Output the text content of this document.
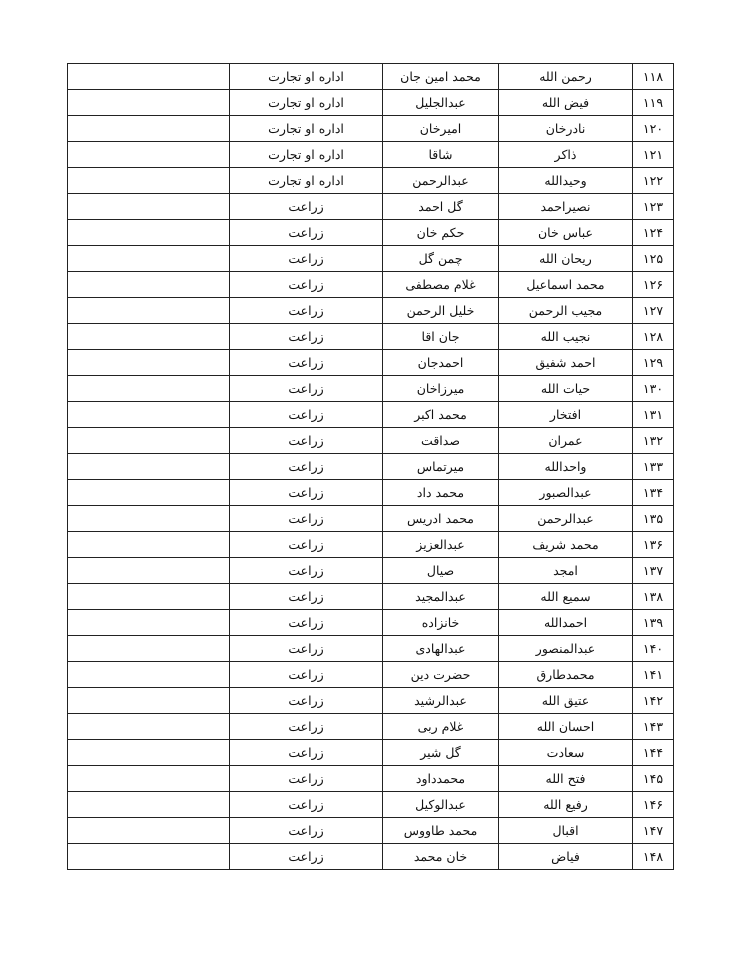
	اداره او تجارت	محمد امین جان	رحمن الله	۱۱۸
	اداره او تجارت	عبدالجلیل	فیض الله	۱۱۹
	اداره او تجارت	امیرخان	نادرخان	۱۲۰
	اداره او تجارت	شاقا	ذاکر	۱۲۱
	اداره او تجارت	عبدالرحمن	وحیدالله	۱۲۲
	زراعت	گل احمد	نصیراحمد	۱۲۳
	زراعت	حکم خان	عباس خان	۱۲۴
	زراعت	چمن گل	ریحان الله	۱۲۵
	زراعت	غلام مصطفی	محمد اسماعیل	۱۲۶
	زراعت	خلیل الرحمن	مجیب الرحمن	۱۲۷
	زراعت	جان اقا	نجیب الله	۱۲۸
	زراعت	احمدجان	احمد شفیق	۱۲۹
	زراعت	میرزاخان	حیات الله	۱۳۰
	زراعت	محمد اکبر	افتخار	۱۳۱
	زراعت	صداقت	عمران	۱۳۲
	زراعت	میرتماس	واحدالله	۱۳۳
	زراعت	محمد داد	عبدالصبور	۱۳۴
	زراعت	محمد ادریس	عبدالرحمن	۱۳۵
	زراعت	عبدالعزیز	محمد شریف	۱۳۶
	زراعت	صیال	امجد	۱۳۷
	زراعت	عبدالمجید	سمیع الله	۱۳۸
	زراعت	خانزاده	احمدالله	۱۳۹
	زراعت	عبدالهادی	عبدالمنصور	۱۴۰
	زراعت	حضرت دین	محمدطارق	۱۴۱
	زراعت	عبدالرشید	عتیق الله	۱۴۲
	زراعت	غلام ربی	احسان الله	۱۴۳
	زراعت	گل شیر	سعادت	۱۴۴
	زراعت	محمدداود	فتح الله	۱۴۵
	زراعت	عبدالوکیل	رفیع الله	۱۴۶
	زراعت	محمد طاووس	اقبال	۱۴۷
	زراعت	خان محمد	فیاض	۱۴۸
